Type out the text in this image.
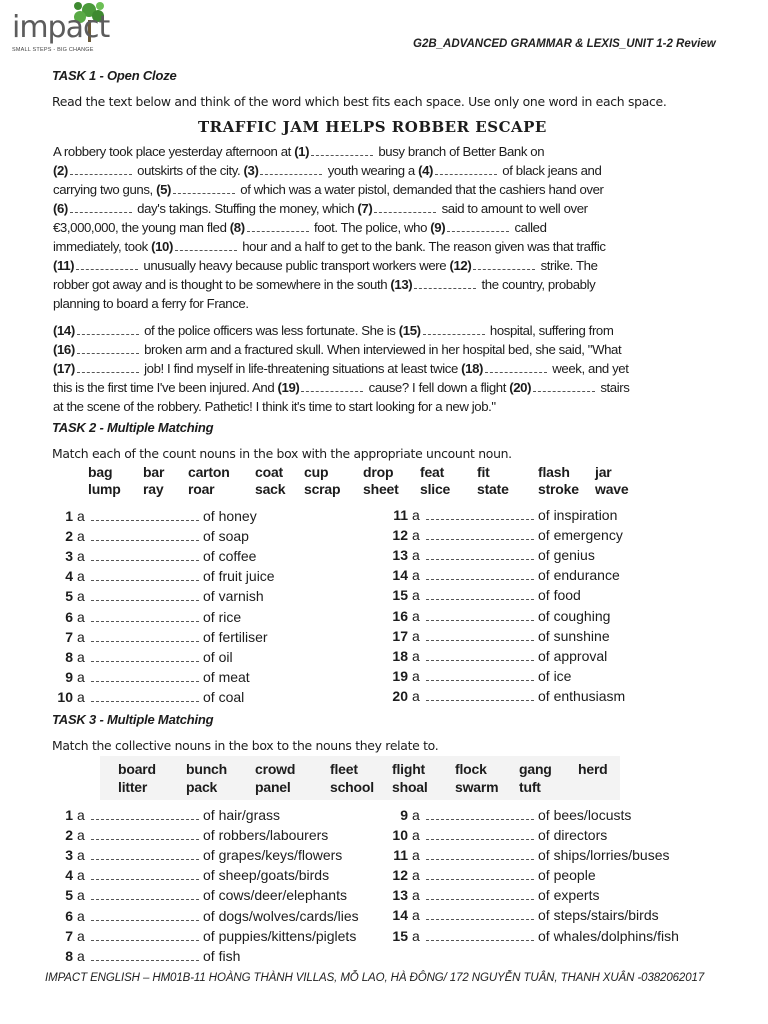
impact
SMALL STEPS - BIG CHANGE	G2B_ADVANCED GRAMMAR & LEXIS_UNIT 1-2 Review
TASK 1 - Open Cloze
Read the text below and think of the word which best fits each space. Use only one word in each space.
TRAFFIC JAM HELPS ROBBER ESCAPE
A robbery took place yesterday afternoon at (1)	busy branch of Better Bank on
(2)	outskirts of the city. (3)	youth wearing a (4)	of black jeans and
carrying two guns, (5)	of which was a water pistol, demanded that the cashiers hand over
(6)	day's takings. Stuffing the money, which (7)	said to amount to well over
€3,000,000, the young man fled (8)	foot. The police, who (9)	called
immediately, took (10)	hour and a half to get to the bank. The reason given was that traffic
(11)	unusually heavy because public transport workers were (12)	strike. The
robber got away and is thought to be somewhere in the south (13)	the country, probably
planning to board a ferry for France.
(14)	of the police officers was less fortunate. She is (15)	hospital, suffering from
(16)	broken arm and a fractured skull. When interviewed in her hospital bed, she said, "What
(17)	job! I find myself in life-threatening situations at least twice (18)	week, and yet
this is the first time I've been injured. And (19)	cause? I fell down a flight (20)	stairs
at the scene of the robbery. Pathetic! I think it's time to start looking for a new job."
TASK 2 - Multiple Matching
Match each of the count nouns in the box with the appropriate uncount noun.
bag bar carton coat cup drop feat fit	flash jar
lump ray roar	sack scrap sheet slice state stroke wave
1 a	of honey
2 a	of soap
3 a	of coffee
4 a	of fruit juice
5 a	of varnish
6 a	of rice
7 a	of fertiliser
8 a	of oil
9 a	of meat
10 a	of coal
11 a	of inspiration
12 a	of emergency
13 a	of genius
14 a	of endurance
15 a	of food
16 a	of coughing
17 a	of sunshine
18 a	of approval
19 a	of ice
20 a	of enthusiasm
TASK 3 - Multiple Matching
Match the collective nouns in the box to the nouns they relate to.
board bunch crowd fleet flight flock gang herd
litter	pack	panel	school shoal swarm tuft
1 a	of hair/grass
2 a	of robbers/labourers
3 a	of grapes/keys/flowers
4 a	of sheep/goats/birds
5 a	of cows/deer/elephants
6 a	of dogs/wolves/cards/lies
7 a	of puppies/kittens/piglets
8 a	of fish
9 a	of bees/locusts
10 a	of directors
11 a	of ships/lorries/buses
12 a	of people
13 a	of experts
14 a	of steps/stairs/birds
15 a	of whales/dolphins/fish
IMPACT ENGLISH – HM01B-11 HOÀNG THÀNH VILLAS, MỖ LAO, HÀ ĐÔNG/ 172 NGUYỄN TUÂN, THANH XUÂN -0382062017
